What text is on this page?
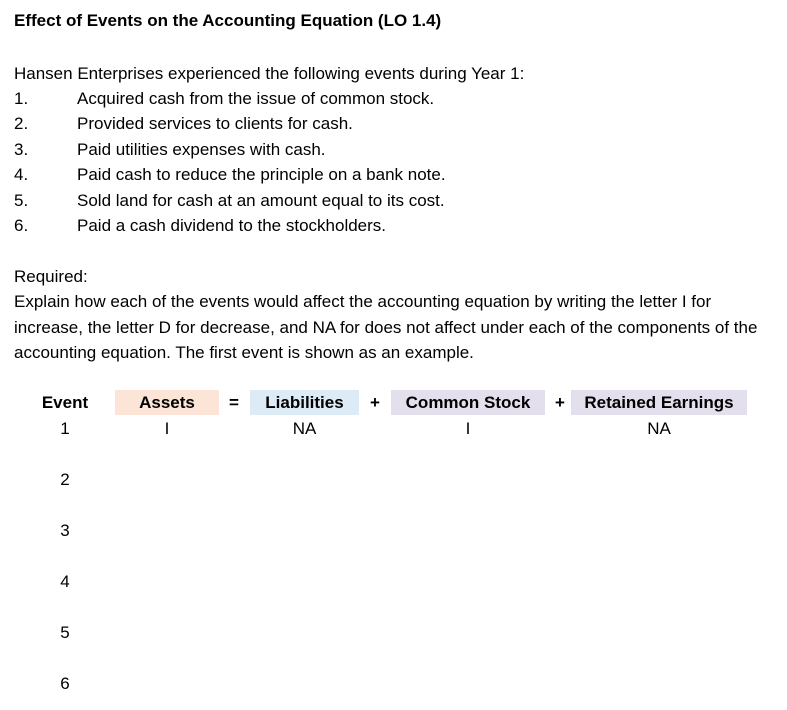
Effect of Events on the Accounting Equation (LO 1.4)
Hansen Enterprises experienced the following events during Year 1:
1.	Acquired cash from the issue of common stock.
2.	Provided services to clients for cash.
3.	Paid utilities expenses with cash.
4.	Paid cash to reduce the principle on a bank note.
5.	Sold land for cash at an amount equal to its cost.
6.	Paid a cash dividend to the stockholders.
Required:
Explain how each of the events would affect the accounting equation by writing the letter I for increase, the letter D for decrease, and NA for does not affect under each of the components of the accounting equation. The first event is shown as an example.
Event	Assets	=	Liabilities	+	Common Stock	+	Retained Earnings
1	I	NA	I	NA
2
3
4
5
6
